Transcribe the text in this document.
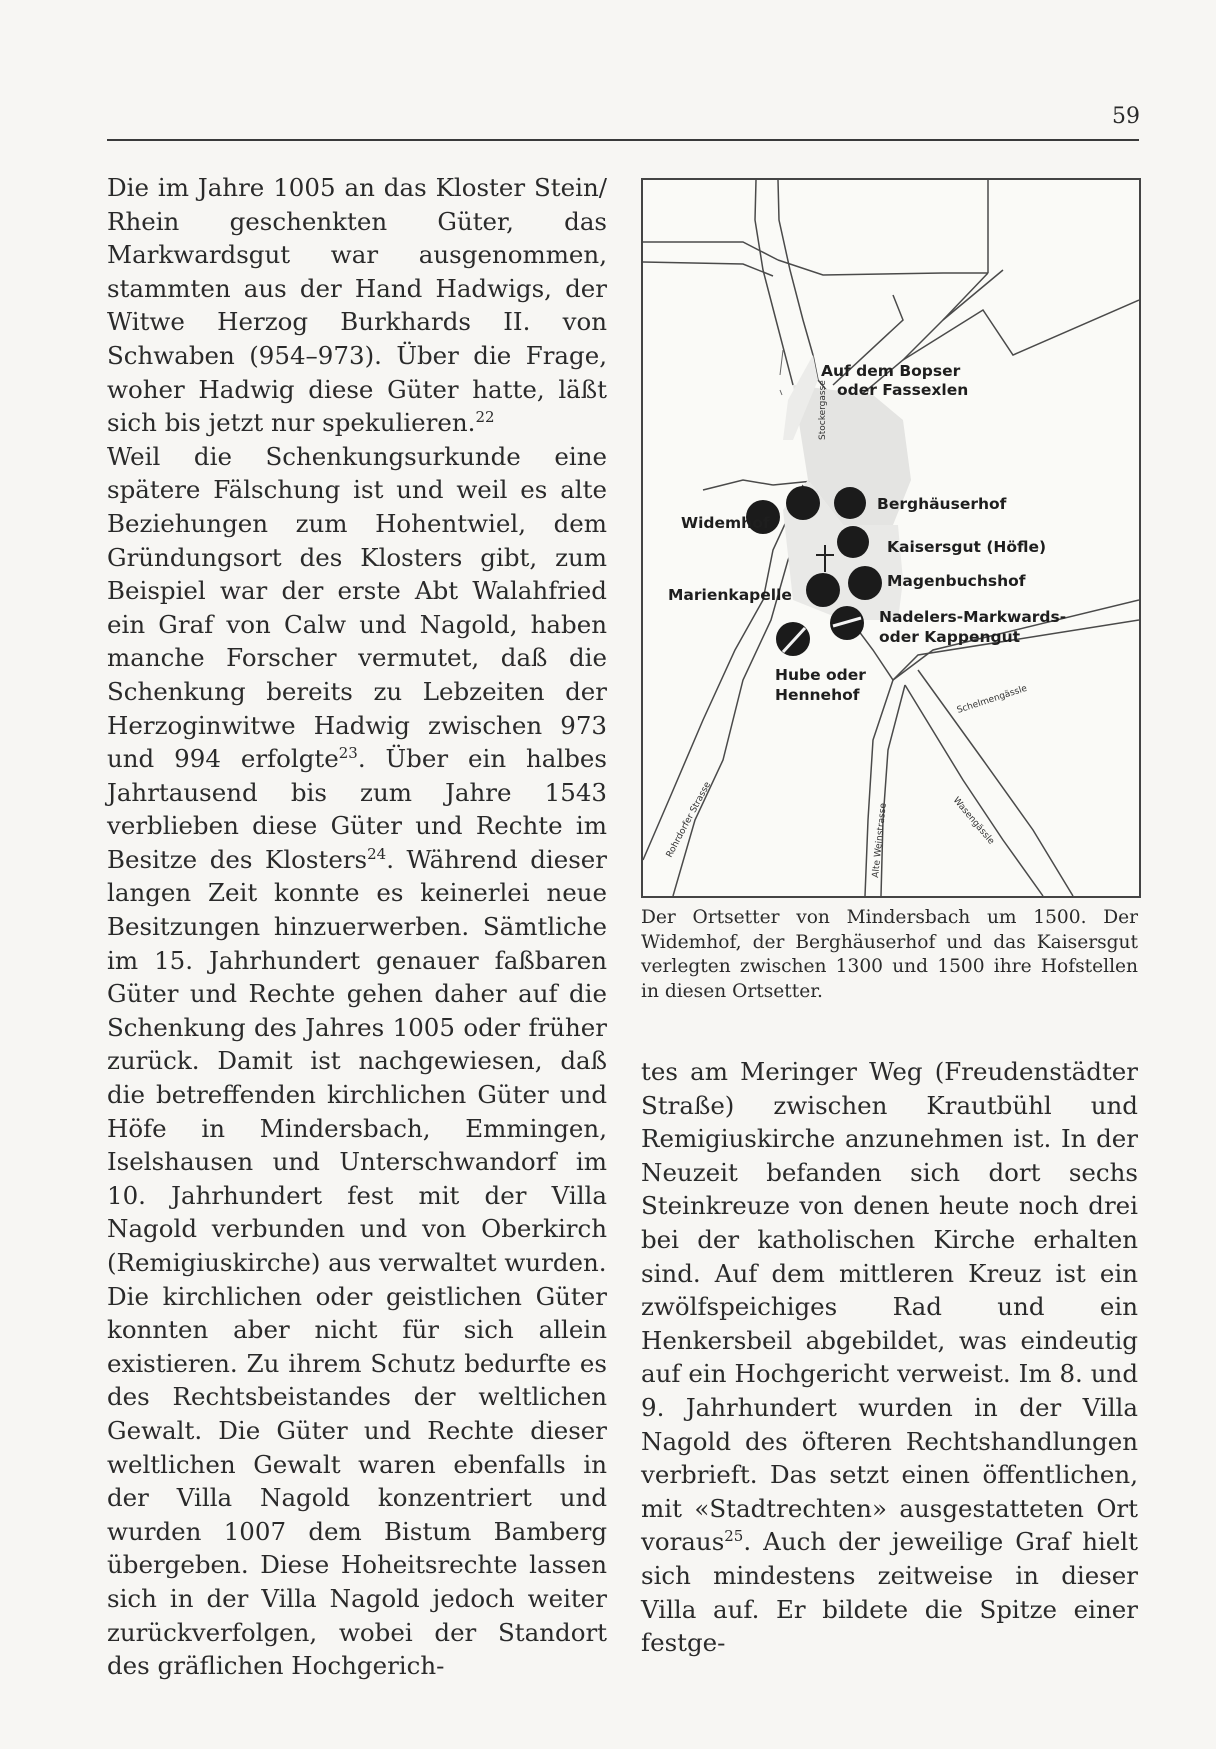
59

Die im Jahre 1005 an das Kloster Stein/ Rhein geschenkten Güter, das Markwardsgut war ausgenommen, stammten aus der Hand Hadwigs, der Witwe Herzog Burkhards II. von Schwaben (954–973). Über die Frage, woher Hadwig diese Güter hatte, läßt sich bis jetzt nur spekulieren.$^{22}$

Weil die Schenkungsurkunde eine spätere Fälschung ist und weil es alte Beziehungen zum Hohentwiel, dem Gründungsort des Klosters gibt, zum Beispiel war der erste Abt Walahfried ein Graf von Calw und Nagold, haben manche Forscher vermutet, daß die Schenkung bereits zu Lebzeiten der Herzoginwitwe Hadwig zwischen 973 und 994 erfolgte$^{23}$. Über ein halbes Jahrtausend bis zum Jahre 1543 verblieben diese Güter und Rechte im Besitze des Klosters$^{24}$. Während dieser langen Zeit konnte es keinerlei neue Besitzungen hinzuerwerben. Sämtliche im 15. Jahrhundert genauer faßbaren Güter und Rechte gehen daher auf die Schenkung des Jahres 1005 oder früher zurück. Damit ist nachgewiesen, daß die betreffenden kirchlichen Güter und Höfe in Mindersbach, Emmingen, Iselshausen und Unterschwandorf im 10. Jahrhundert fest mit der Villa Nagold verbunden und von Oberkirch (Remigiuskirche) aus verwaltet wurden.

Die kirchlichen oder geistlichen Güter konnten aber nicht für sich allein existieren. Zu ihrem Schutz bedurfte es des Rechtsbeistandes der weltlichen Gewalt. Die Güter und Rechte dieser weltlichen Gewalt waren ebenfalls in der Villa Nagold konzentriert und wurden 1007 dem Bistum Bamberg übergeben. Diese Hoheitsrechte lassen sich in der Villa Nagold jedoch weiter zurückverfolgen, wobei der Standort des gräflichen Hochgerich-

Auf dem Bopser
oder Fassexlen
Widemhof
Berghäuserhof
Kaisersgut (Höfle)
Magenbuchshof
Nadelers-Markwards-
oder Kappengut
Marienkapelle
Hube oder
Hennehof
Stockergasse
Schelmengässle
Rohrdorfer Strasse	Alte Weinstrasse	Wasengässle
Der Ortsetter von Mindersbach um 1500. Der Widemhof, der Berghäuserhof und das Kaisersgut verlegten zwischen 1300 und 1500 ihre Hofstellen in diesen Ortsetter.

tes am Meringer Weg (Freudenstädter Straße) zwischen Krautbühl und Remigiuskirche anzunehmen ist. In der Neuzeit befanden sich dort sechs Steinkreuze von denen heute noch drei bei der katholischen Kirche erhalten sind. Auf dem mittleren Kreuz ist ein zwölfspeichiges Rad und ein Henkersbeil abgebildet, was eindeutig auf ein Hochgericht verweist. Im 8. und 9. Jahrhundert wurden in der Villa Nagold des öfteren Rechtshandlungen verbrieft. Das setzt einen öffentlichen, mit «Stadtrechten» ausgestatteten Ort voraus$^{25}$. Auch der jeweilige Graf hielt sich mindestens zeitweise in dieser Villa auf. Er bildete die Spitze einer festge-
